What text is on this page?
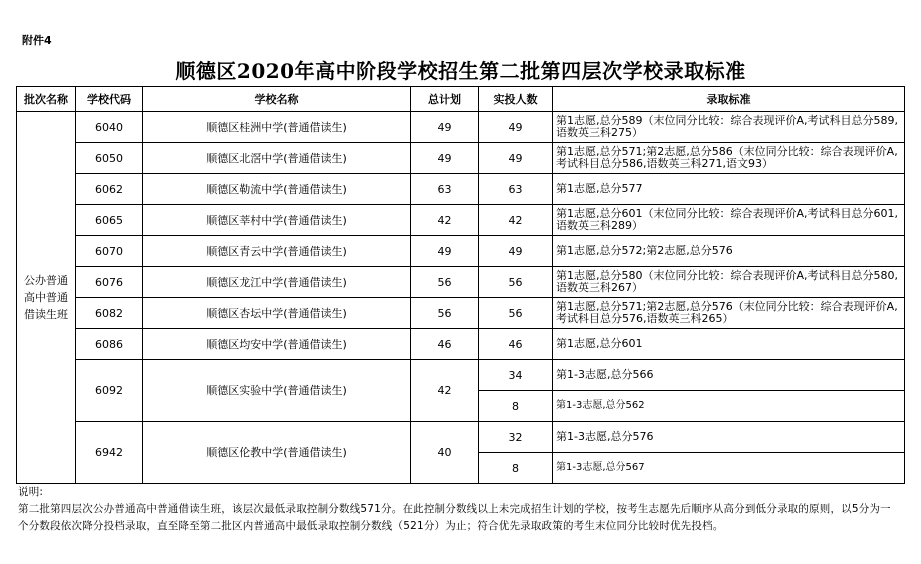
附件4
顺德区2020年高中阶段学校招生第二批第四层次学校录取标准
批次名称	学校代码	学校名称	总计划	实投人数	录取标准
公办普通高中普通借读生班	6040	顺德区桂洲中学(普通借读生)	49	49	第1志愿,总分589（末位同分比较：综合表现评价A,考试科目总分589,语数英三科275）
	6050	顺德区北滘中学(普通借读生)	49	49	第1志愿,总分571;第2志愿,总分586（末位同分比较：综合表现评价A,考试科目总分586,语数英三科271,语文93）
	6062	顺德区勒流中学(普通借读生)	63	63	第1志愿,总分577
	6065	顺德区莘村中学(普通借读生)	42	42	第1志愿,总分601（末位同分比较：综合表现评价A,考试科目总分601,语数英三科289）
	6070	顺德区青云中学(普通借读生)	49	49	第1志愿,总分572;第2志愿,总分576
	6076	顺德区龙江中学(普通借读生)	56	56	第1志愿,总分580（末位同分比较：综合表现评价A,考试科目总分580,语数英三科267）
	6082	顺德区杏坛中学(普通借读生)	56	56	第1志愿,总分571;第2志愿,总分576（末位同分比较：综合表现评价A,考试科目总分576,语数英三科265）
	6086	顺德区均安中学(普通借读生)	46	46	第1志愿,总分601
	6092	顺德区实验中学(普通借读生)	42	34	第1-3志愿,总分566
				8	第1-3志愿,总分562
	6942	顺德区伦教中学(普通借读生)	40	32	第1-3志愿,总分576
				8	第1-3志愿,总分567

说明:

第二批第四层次公办普通高中普通借读生班，该层次最低录取控制分数线571分。在此控制分数线以上未完成招生计划的学校，按考生志愿先后顺序从高分到低分录取的原则，以5分为一个分数段依次降分投档录取，直至降至第二批区内普通高中最低录取控制分数线（521分）为止；符合优先录取政策的考生末位同分比较时优先投档。
